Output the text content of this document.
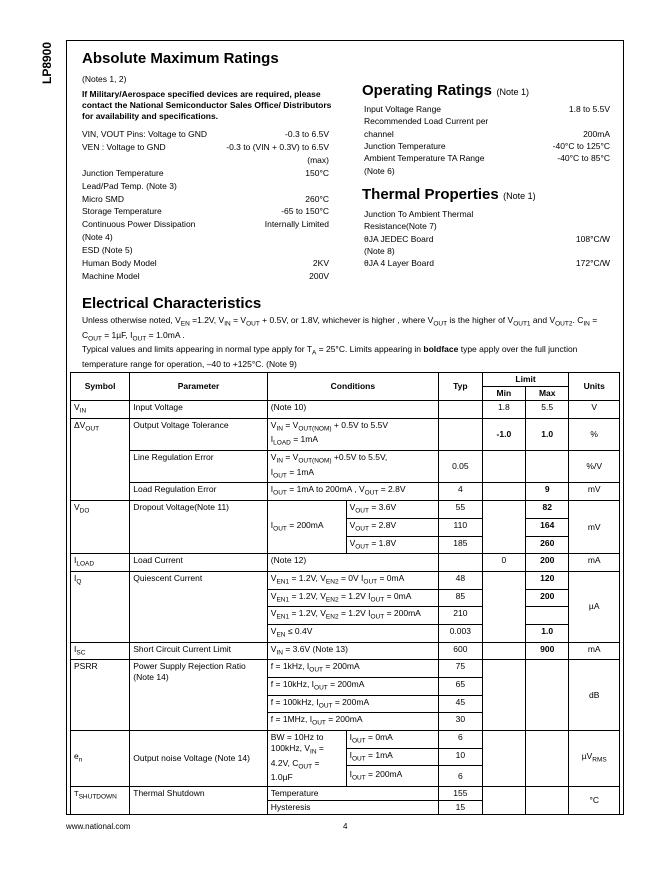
LP8900 Absolute Maximum Ratings
(Notes 1, 2)
If Military/Aerospace specified devices are required, please contact the National Semiconductor Sales Office/ Distributors for availability and specifications.
VIN, VOUT Pins: Voltage to GND	-0.3 to 6.5V
VEN : Voltage to GND	-0.3 to (VIN + 0.3V) to 6.5V
(max)
Junction Temperature	150°C
Lead/Pad Temp. (Note 3)
Micro SMD	260°C
Storage Temperature	-65 to 150°C
Continuous Power Dissipation	Internally Limited
(Note 4)
ESD (Note 5)
Human Body Model	2KV
Machine Model	200V
Operating Ratings (Note 1)
Input Voltage Range	1.8 to 5.5V
Recommended Load Current per
channel	200mA
Junction Temperature	-40°C to 125°C
Ambient Temperature TA Range	-40°C to 85°C
(Note 6)
Thermal Properties (Note 1)
Junction To Ambient Thermal
Resistance(Note 7)
θJA JEDEC Board	108°C/W
(Note 8)
θJA 4 Layer Board	172°C/W
Electrical Characteristics
Unless otherwise noted, $V_{EN} =1.2V$, $V_{IN} = V_{OUT} + 0.5V$, or 1.8V, whichever is higher , where $V_{OUT}$ is the higher of $V_{OUT1}$ and $V_{OUT2}$. $C_{IN} = C_{OUT} = 1\mu F$, $I_{OUT} = 1.0mA$ .
Typical values and limits appearing in normal type apply for $T_A = 25^\circ C$. Limits appearing in boldface type apply over the full junction temperature range for operation, –40 to +125°C. (Note 9)
Symbol	Parameter	Conditions		Typ	Limit		Units
					Min	Max	
$V_{IN}$	Input Voltage	(Note 10)			1.8	5.5	V
$\Delta V_{OUT}$	Output Voltage Tolerance	$V_{IN} = V_{OUT(NOM)} + 0.5V$ to 5.5V
$I_{LOAD} = 1mA$			-1.0	1.0	%
	Line Regulation Error	$V_{IN} = V_{OUT(NOM)} +0.5V$ to 5.5V,
$I_{OUT} = 1mA$		0.05			%/V
	Load Regulation Error	$I_{OUT} = 1mA$ to 200mA , $V_{OUT} = 2.8V$		4		9	mV
$V_{DO}$	Dropout Voltage(Note 11)	$I_{OUT} = 200mA$	$V_{OUT} = 3.6V$	55		82	mV
			$V_{OUT} = 2.8V$	110		164	
			$V_{OUT} = 1.8V$	185		260	
$I_{LOAD}$	Load Current	(Note 12)			0	200	mA
$I_Q$	Quiescent Current	$V_{EN1} = 1.2V$, $V_{EN2} = 0V$ $I_{OUT} = 0mA$		48		120	µA
		$V_{EN1} = 1.2V$, $V_{EN2} = 1.2V$ $I_{OUT} = 0mA$		85		200	
		$V_{EN1} = 1.2V$, $V_{EN2} = 1.2V$ $I_{OUT} = 200mA$		210			
		$V_{EN} \le 0.4V$		0.003		1.0	
$I_{SC}$	Short Circuit Current Limit	$V_{IN} = 3.6V$ (Note 13)		600		900	mA
PSRR	Power Supply Rejection Ratio (Note 14)	f = 1kHz, $I_{OUT} = 200mA$		75			dB
		f = 10kHz, $I_{OUT} = 200mA$		65			
		f = 100kHz, $I_{OUT} = 200mA$		45			
		f = 1MHz, $I_{OUT} = 200mA$		30			
$e_n$	Output noise Voltage (Note 14)	BW = 10Hz to 100kHz, $V_{IN} = 4.2V$, $C_{OUT} = 1.0\mu F$	$I_{OUT} = 0mA$	6			µV$_{RMS}$
			$I_{OUT} = 1mA$	10			
			$I_{OUT} = 200mA$	6			
$T_{SHUTDOWN}$	Thermal Shutdown	Temperature		155			°C
		Hysteresis		15			
www.national.com	4
